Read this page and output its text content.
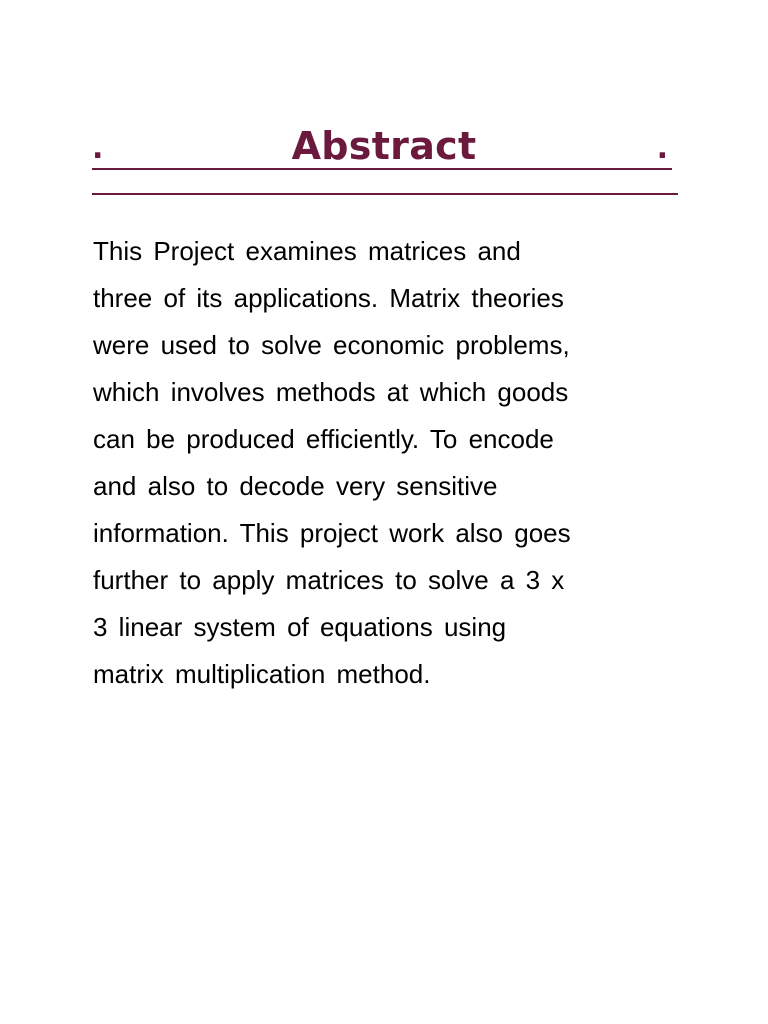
.	Abstract	.

This Project examines matrices and
three of its applications. Matrix theories
were used to solve economic problems,
which involves methods at which goods
can be produced efficiently. To encode
and also to decode very sensitive
information. This project work also goes
further to apply matrices to solve a 3 x
3 linear system of equations using
matrix multiplication method.
